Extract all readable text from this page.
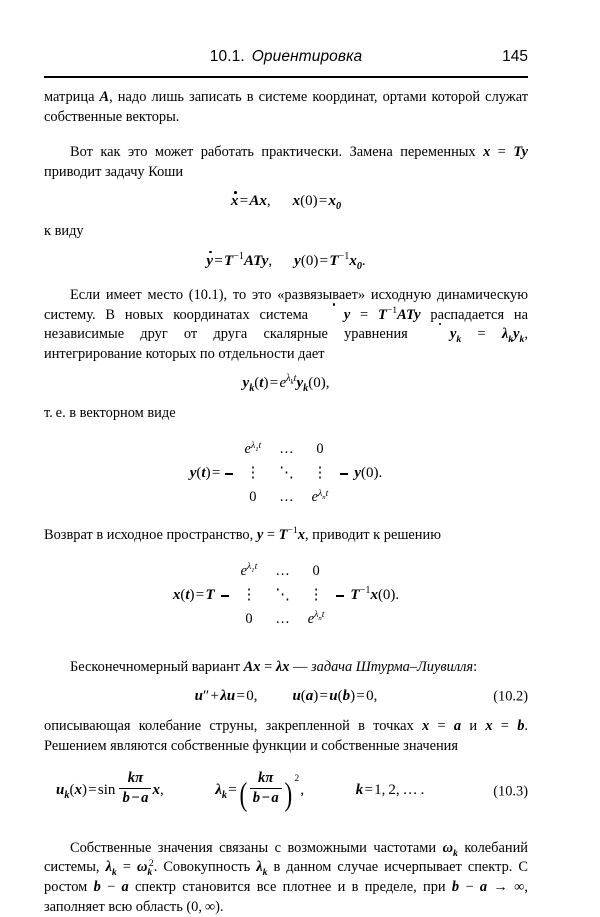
10.1. Ориентировка	145

матрица A, надо лишь записать в системе координат, ортами которой служат собственные векторы.

Вот как это может работать практически. Замена переменных x = Ty приводит задачу Коши

x = Ax, x(0) = $x_0$

к виду

y = $T^{-1}ATy$, y(0) = $T^{-1}x_0$.

Если имеет место (10.1), то это «развязывает» исходную динамическую систему. В новых координатах система $y = T^{-1}ATy$ распадается на независимые друг от друга скалярные уравнения $y_k = \lambda_ky_k$, интегрирование которых по отдельности дает

$y_k(t)$ = $e^{\lambda_kt}y_k(0)$,

т. е. в векторном виде

y(t) = 
$e^{\lambda_1t}$	…	0
⋮	⋱	⋮
0	…	$e^{\lambda_nt}$
 y(0).

Возврат в исходное пространство, $y = T^{-1}x$, приводит к решению

x(t) = T 
$e^{\lambda_1t}$	…	0
⋮	⋱	⋮
0	…	$e^{\lambda_nt}$
 $T^{-1}x(0)$.

Бесконечномерный вариант Ax = λx — задача Штурма–Лиувилля:

u″ + λu = 0, u(a) = u(b) = 0,	(10.2)

описывающая колебание струны, закрепленной в точках x = a и x = b. Решением являются собственные функции и собственные значения

$u_k(x)$ = $\sin \frac{k\pi}{b - a} x$,	$\lambda_k$ = ( $\frac{k\pi}{b - a}$ ) $^2$ ,	k = 1, 2, … .	(10.3)

Собственные значения связаны с возможными частотами $\omega_k$ колебаний системы, $\lambda_k = \omega_k^2$. Совокупность $\lambda_k$ в данном случае исчерпывает спектр. С ростом b − a спектр становится все плотнее и в пределе, при b − a → ∞, заполняет всю область (0, ∞).
